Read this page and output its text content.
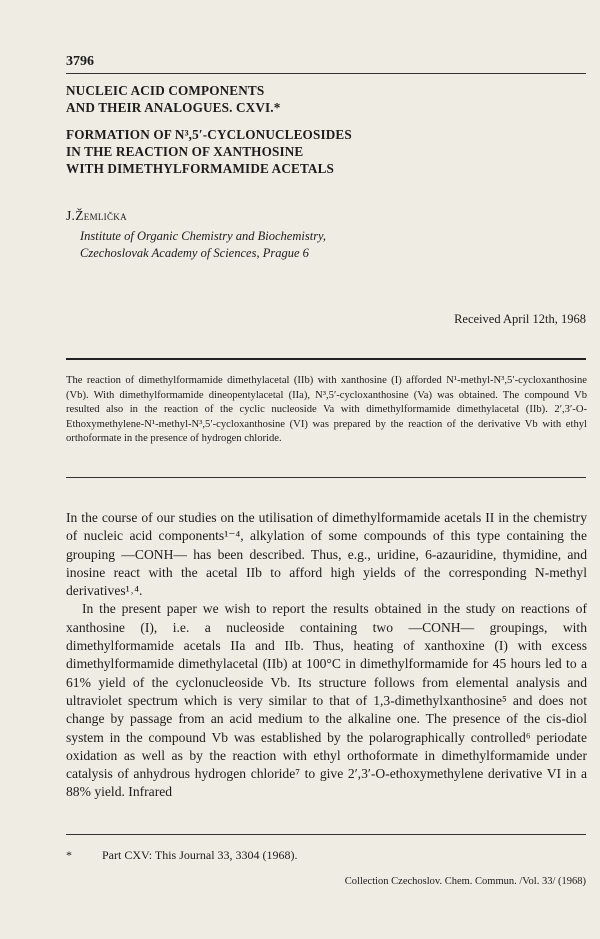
3796
NUCLEIC ACID COMPONENTS
AND THEIR ANALOGUES. CXVI.*
FORMATION OF N³,5′-CYCLONUCLEOSIDES
IN THE REACTION OF XANTHOSINE
WITH DIMETHYLFORMAMIDE ACETALS
J.Žemlička
Institute of Organic Chemistry and Biochemistry,
Czechoslovak Academy of Sciences, Prague 6
Received April 12th, 1968
The reaction of dimethylformamide dimethylacetal (IIb) with xanthosine (I) afforded N¹-methyl-N³,5′-cycloxanthosine (Vb). With dimethylformamide dineopentylacetal (IIa), N³,5′-cycloxanthosine (Va) was obtained. The compound Vb resulted also in the reaction of the cyclic nucleoside Va with dimethylformamide dimethylacetal (IIb). 2′,3′-O-Ethoxymethylene-N¹-methyl-N³,5′-cycloxanthosine (VI) was prepared by the reaction of the derivative Vb with ethyl orthoformate in the presence of hydrogen chloride.

In the course of our studies on the utilisation of dimethylformamide acetals II in the chemistry of nucleic acid components¹⁻⁴, alkylation of some compounds of this type containing the grouping —CONH— has been described. Thus, e.g., uridine, 6-azauridine, thymidine, and inosine react with the acetal IIb to afford high yields of the corresponding N-methyl derivatives¹˒⁴.

In the present paper we wish to report the results obtained in the study on reactions of xanthosine (I), i.e. a nucleoside containing two —CONH— groupings, with dimethylformamide acetals IIa and IIb. Thus, heating of xanthoxine (I) with excess dimethylformamide dimethylacetal (IIb) at 100°C in dimethylformamide for 45 hours led to a 61% yield of the cyclonucleoside Vb. Its structure follows from elemental analysis and ultraviolet spectrum which is very similar to that of 1,3-dimethylxanthosine⁵ and does not change by passage from an acid medium to the alkaline one. The presence of the cis-diol system in the compound Vb was established by the polarographically controlled⁶ periodate oxidation as well as by the reaction with ethyl orthoformate in dimethylformamide under catalysis of anhydrous hydrogen chloride⁷ to give 2′,3′-O-ethoxymethylene derivative VI in a 88% yield. Infrared

*	Part CXV: This Journal 33, 3304 (1968).
Collection Czechoslov. Chem. Commun. /Vol. 33/ (1968)
